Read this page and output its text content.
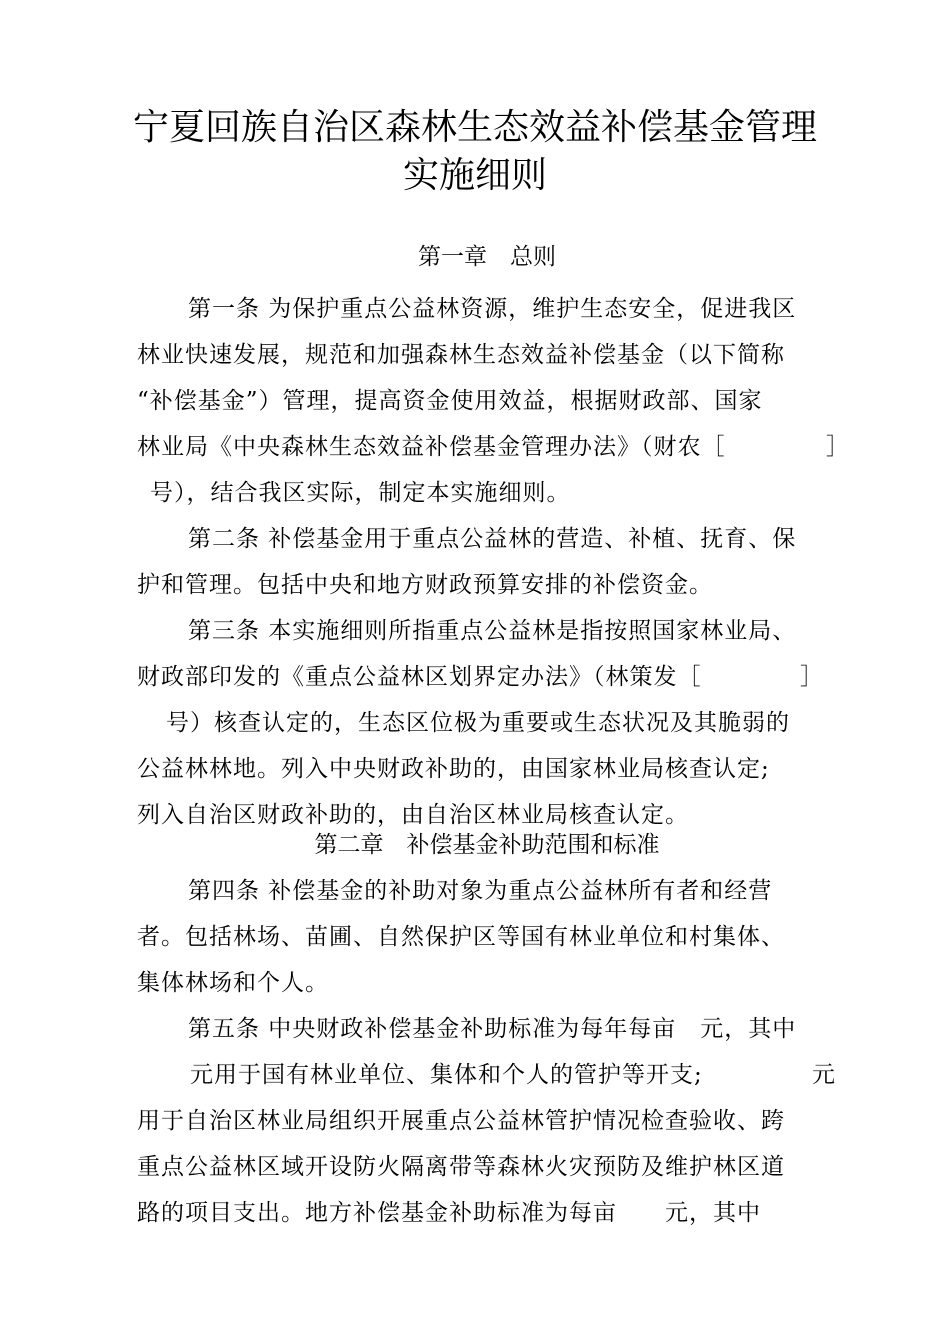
宁夏回族自治区森林生态效益补偿基金管理
实施细则
第一章　总则
第一条 为保护重点公益林资源，维护生态安全，促进我区
林业快速发展，规范和加强森林生态效益补偿基金（以下简称
“补偿基金”）管理，提高资金使用效益，根据财政部、国家
林业局《中央森林生态效益补偿基金管理办法》（财农［	］
号），结合我区实际，制定本实施细则。
第二条 补偿基金用于重点公益林的营造、补植、抚育、保
护和管理。包括中央和地方财政预算安排的补偿资金。
第三条 本实施细则所指重点公益林是指按照国家林业局、
财政部印发的《重点公益林区划界定办法》（林策发［	］
号）核查认定的，生态区位极为重要或生态状况及其脆弱的
公益林林地。列入中央财政补助的，由国家林业局核查认定;
列入自治区财政补助的，由自治区林业局核查认定。
第二章　补偿基金补助范围和标准
第四条 补偿基金的补助对象为重点公益林所有者和经营
者。包括林场、苗圃、自然保护区等国有林业单位和村集体、
集体林场和个人。
第五条 中央财政补偿基金补助标准为每年每亩　元，其中
元用于国有林业单位、集体和个人的管护等开支;	元
用于自治区林业局组织开展重点公益林管护情况检查验收、跨
重点公益林区域开设防火隔离带等森林火灾预防及维护林区道
路的项目支出。地方补偿基金补助标准为每亩　　元，其中
